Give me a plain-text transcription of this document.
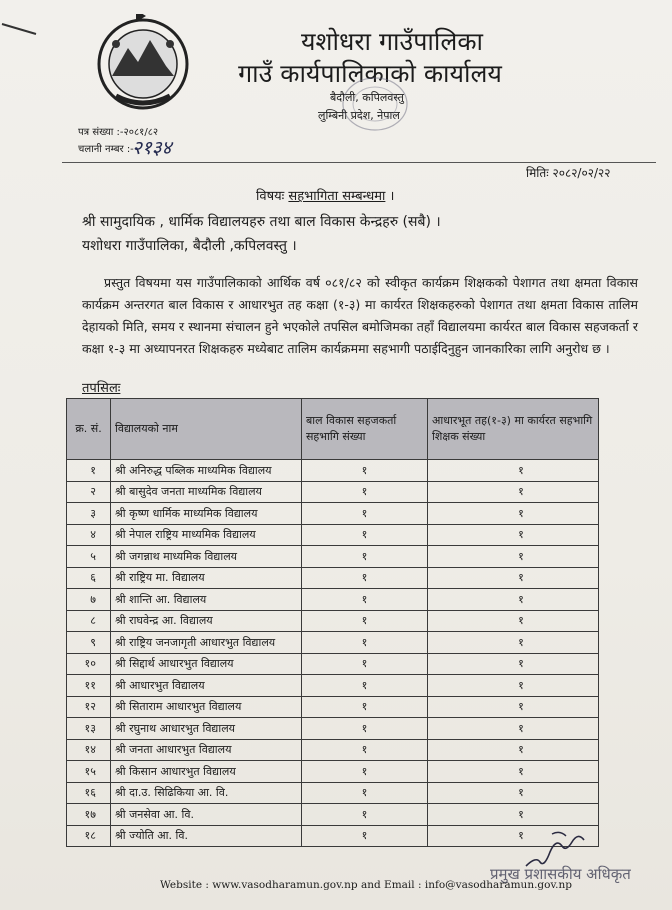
यशोधरा गाउँपालिका
गाउँ कार्यपालिकाको कार्यालय
बैदौली, कपिलवस्तु
लुम्बिनी प्रदेश, नेपाल
पत्र संख्या :-२०८१/८२
चलानी नम्बर :-
२१३४
मितिः २०८२/०२/२२
विषयः सहभागिता सम्बन्धमा ।
श्री सामुदायिक , धार्मिक विद्यालयहरु तथा बाल विकास केन्द्रहरु (सबै) ।
यशोधरा गाउँपालिका, बैदौली ,कपिलवस्तु ।
प्रस्तुत विषयमा यस गाउँपालिकाको आर्थिक वर्ष ०८१/८२ को स्वीकृत कार्यक्रम शिक्षकको पेशागत तथा क्षमता विकास कार्यक्रम अन्तरगत बाल विकास र आधारभुत तह कक्षा (१-३) मा कार्यरत शिक्षकहरुको पेशागत तथा क्षमता विकास तालिम देहायको मिति, समय र स्थानमा संचालन हुने भएकोले तपसिल बमोजिमका तहाँ विद्यालयमा कार्यरत बाल विकास सहजकर्ता र कक्षा १-३ मा अध्यापनरत शिक्षकहरु मध्येबाट तालिम कार्यक्रममा सहभागी पठाईदिनुहुन जानकारिका लागि अनुरोध छ ।
तपसिलः
क्र. सं.	विद्यालयको नाम	बाल विकास सहजकर्ता सहभागि संख्या	आधारभूत तह(१-३) मा कार्यरत सहभागि शिक्षक संख्या
१	श्री अनिरुद्ध पब्लिक माध्यमिक विद्यालय	१	१
२	श्री बासुदेव जनता माध्यमिक विद्यालय	१	१
३	श्री कृष्ण धार्मिक माध्यमिक विद्यालय	१	१
४	श्री नेपाल राष्ट्रिय माध्यमिक विद्यालय	१	१
५	श्री जगन्नाथ माध्यमिक विद्यालय	१	१
६	श्री राष्ट्रिय मा. विद्यालय	१	१
७	श्री शान्ति आ. विद्यालय	१	१
८	श्री राघवेन्द्र आ. विद्यालय	१	१
९	श्री राष्ट्रिय जनजागृती आधारभुत विद्यालय	१	१
१०	श्री सिद्दार्थ आधारभुत विद्यालय	१	१
११	श्री आधारभुत विद्यालय	१	१
१२	श्री सिताराम आधारभुत विद्यालय	१	१
१३	श्री रघुनाथ आधारभुत विद्यालय	१	१
१४	श्री जनता आधारभुत विद्यालय	१	१
१५	श्री किसान आधारभुत विद्यालय	१	१
१६	श्री दा.उ. सिढिकिया आ. वि.	१	१
१७	श्री जनसेवा आ. वि.	१	१
१८	श्री ज्योति आ. वि.	१	१
प्रमुख प्रशासकीय अधिकृत
Website : www.vasodharamun.gov.np and Email : info@vasodharamun.gov.np
